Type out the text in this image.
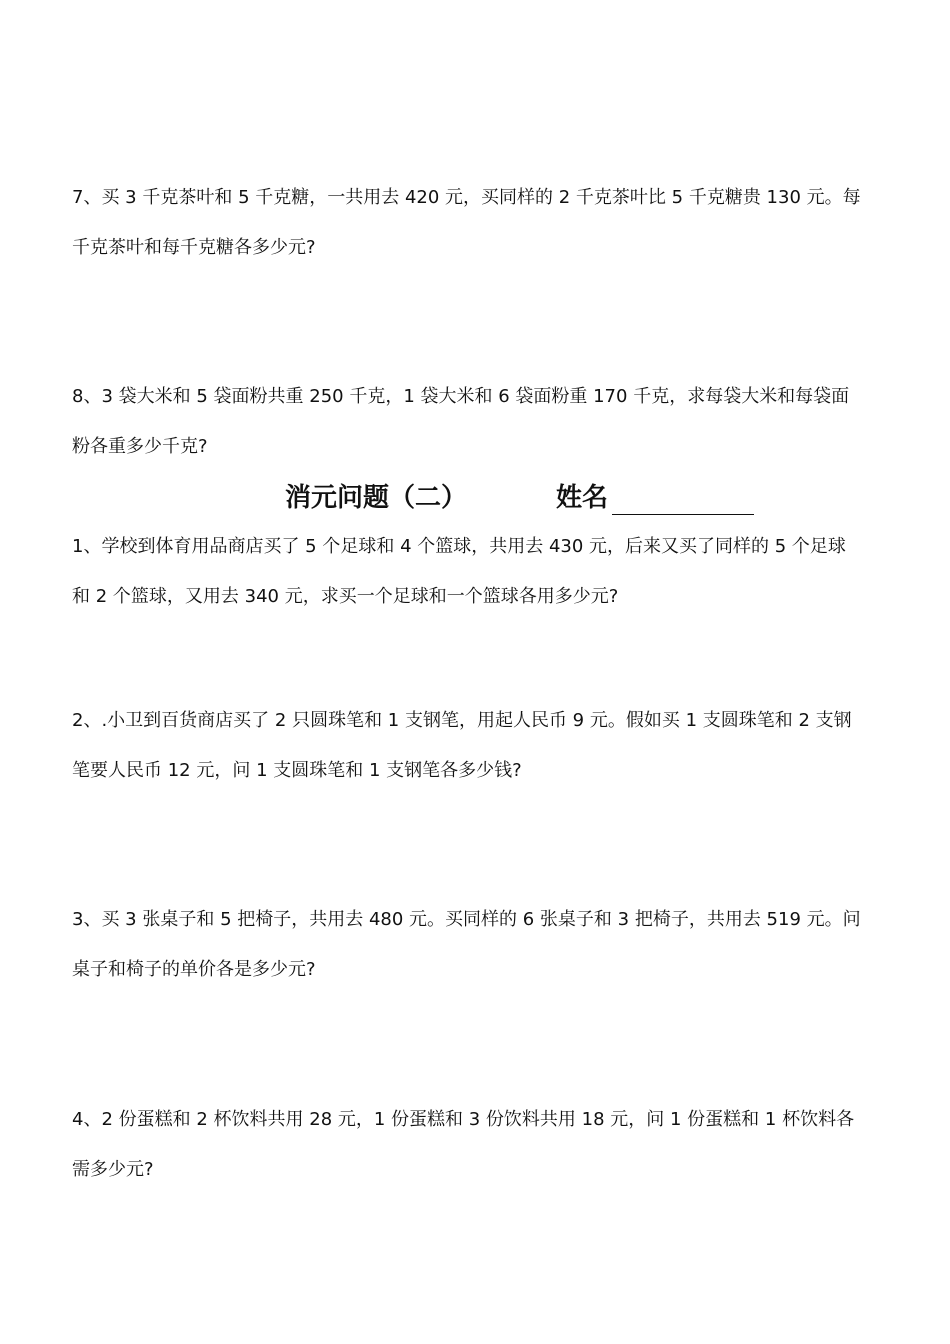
7、买 3 千克茶叶和 5 千克糖，一共用去 420 元，买同样的 2 千克茶叶比 5 千克糖贵 130 元。每

千克茶叶和每千克糖各多少元?

8、3 袋大米和 5 袋面粉共重 250 千克，1 袋大米和 6 袋面粉重 170 千克，求每袋大米和每袋面

粉各重多少千克?

消元问题（二）	姓名

1、学校到体育用品商店买了 5 个足球和 4 个篮球，共用去 430 元，后来又买了同样的 5 个足球

和 2 个篮球，又用去 340 元，求买一个足球和一个篮球各用多少元?

2、.小卫到百货商店买了 2 只圆珠笔和 1 支钢笔，用起人民币 9 元。假如买 1 支圆珠笔和 2 支钢

笔要人民币 12 元，问 1 支圆珠笔和 1 支钢笔各多少钱?

3、买 3 张桌子和 5 把椅子，共用去 480 元。买同样的 6 张桌子和 3 把椅子，共用去 519 元。问

桌子和椅子的单价各是多少元?

4、2 份蛋糕和 2 杯饮料共用 28 元，1 份蛋糕和 3 份饮料共用 18 元，问 1 份蛋糕和 1 杯饮料各

需多少元?
